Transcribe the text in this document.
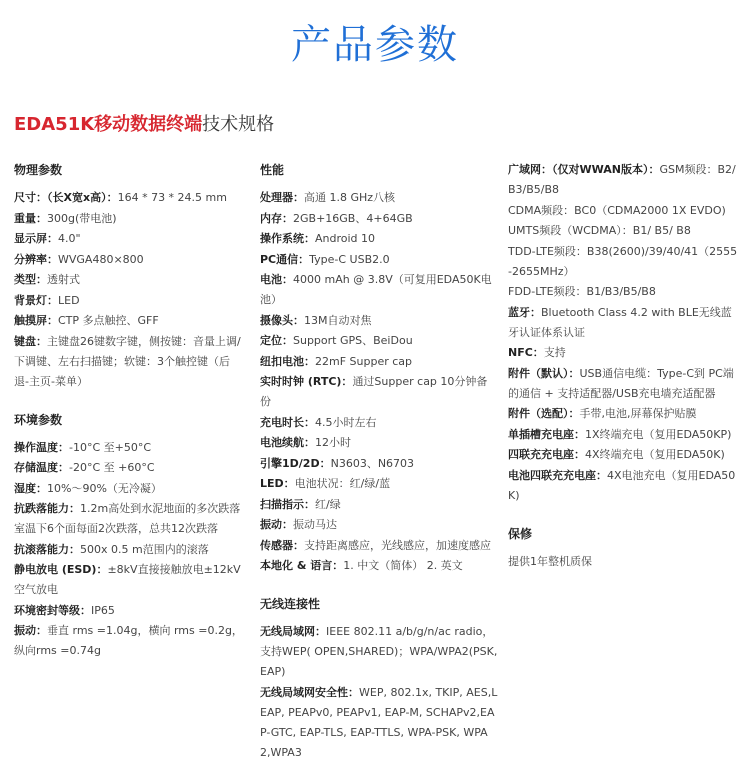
产品参数
EDA51K移动数据终端技术规格
物理参数
尺寸：（长X宽x高）：164 * 73 * 24.5 mm
重量：300g(带电池)
显示屏：4.0"
分辨率：WVGA480×800
类型：透射式
背景灯：LED
触摸屏：CTP 多点触控、GFF
键盘：主键盘26键数字键，侧按键：音量上调/下调键、左右扫描键；软键：3个触控键（后退-主页-菜单）
环境参数
操作温度：-10°C 至+50°C
存储温度：-20°C 至 +60°C
湿度：10%～90%（无冷凝）
抗跌落能力：1.2m高处到水泥地面的多次跌落室温下6个面每面2次跌落，总共12次跌落
抗滚落能力：500x 0.5 m范围内的滚落
静电放电 (ESD)：±8kV直接接触放电±12kV 空气放电
环境密封等级：IP65
振动：垂直 rms =1.04g，横向 rms =0.2g，纵向rms =0.74g
性能
处理器：高通 1.8 GHz八核
内存：2GB+16GB、4+64GB
操作系统：Android 10
PC通信：Type-C USB2.0
电池：4000 mAh @ 3.8V（可复用EDA50K电池）
摄像头：13M自动对焦
定位：Support GPS、BeiDou
纽扣电池：22mF Supper cap
实时时钟 (RTC)：通过Supper cap 10分钟备份
充电时长：4.5小时左右
电池续航：12小时
引擎1D/2D：N3603、N6703
LED：电池状况：红/绿/蓝
扫描指示：红/绿
振动：振动马达
传感器：支持距离感应，光线感应，加速度感应
本地化 & 语言：1. 中文（简体） 2. 英文
无线连接性
无线局域网：IEEE 802.11 a/b/g/n/ac radio，支持WEP( OPEN,SHARED)；WPA/WPA2(PSK, EAP)
无线局域网安全性：WEP, 802.1x, TKIP, AES,LEAP, PEAPv0, PEAPv1, EAP-M, SCHAPv2,EAP-GTC, EAP-TLS, EAP-TTLS, WPA-PSK, WPA2,WPA3
广域网：（仅对WWAN版本）：GSM频段：B2/B3/B5/B8
CDMA频段：BC0（CDMA2000 1X EVDO)
UMTS频段（WCDMA）：B1/ B5/ B8
TDD-LTE频段：B38(2600)/39/40/41（2555-2655MHz）
FDD-LTE频段：B1/B3/B5/B8
蓝牙：Bluetooth Class 4.2 with BLE无线蓝牙认证体系认证
NFC：支持
附件（默认）：USB通信电缆：Type-C到 PC端的通信 + 支持适配器/USB充电墙充适配器
附件（选配）：手带,电池,屏幕保护贴膜
单插槽充电座：1X终端充电（复用EDA50KP)
四联充充电座：4X终端充电（复用EDA50K)
电池四联充充电座：4X电池充电（复用EDA50K)
保修
提供1年整机质保
